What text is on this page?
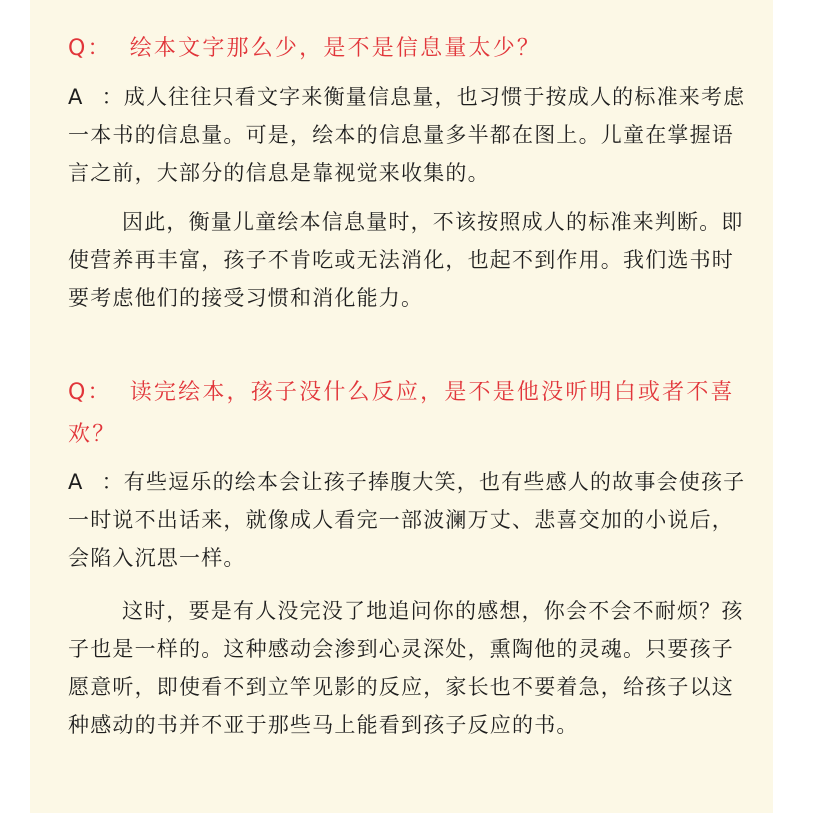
Q： 绘本文字那么少，是不是信息量太少？

A ：成人往往只看文字来衡量信息量，也习惯于按成人的标准来考虑一本书的信息量。可是，绘本的信息量多半都在图上。儿童在掌握语言之前，大部分的信息是靠视觉来收集的。

因此，衡量儿童绘本信息量时，不该按照成人的标准来判断。即使营养再丰富，孩子不肯吃或无法消化，也起不到作用。我们选书时要考虑他们的接受习惯和消化能力。

Q： 读完绘本，孩子没什么反应，是不是他没听明白或者不喜欢？

A ：有些逗乐的绘本会让孩子捧腹大笑，也有些感人的故事会使孩子一时说不出话来，就像成人看完一部波澜万丈、悲喜交加的小说后，会陷入沉思一样。

这时，要是有人没完没了地追问你的感想，你会不会不耐烦？孩子也是一样的。这种感动会渗到心灵深处，熏陶他的灵魂。只要孩子愿意听，即使看不到立竿见影的反应，家长也不要着急，给孩子以这种感动的书并不亚于那些马上能看到孩子反应的书。
